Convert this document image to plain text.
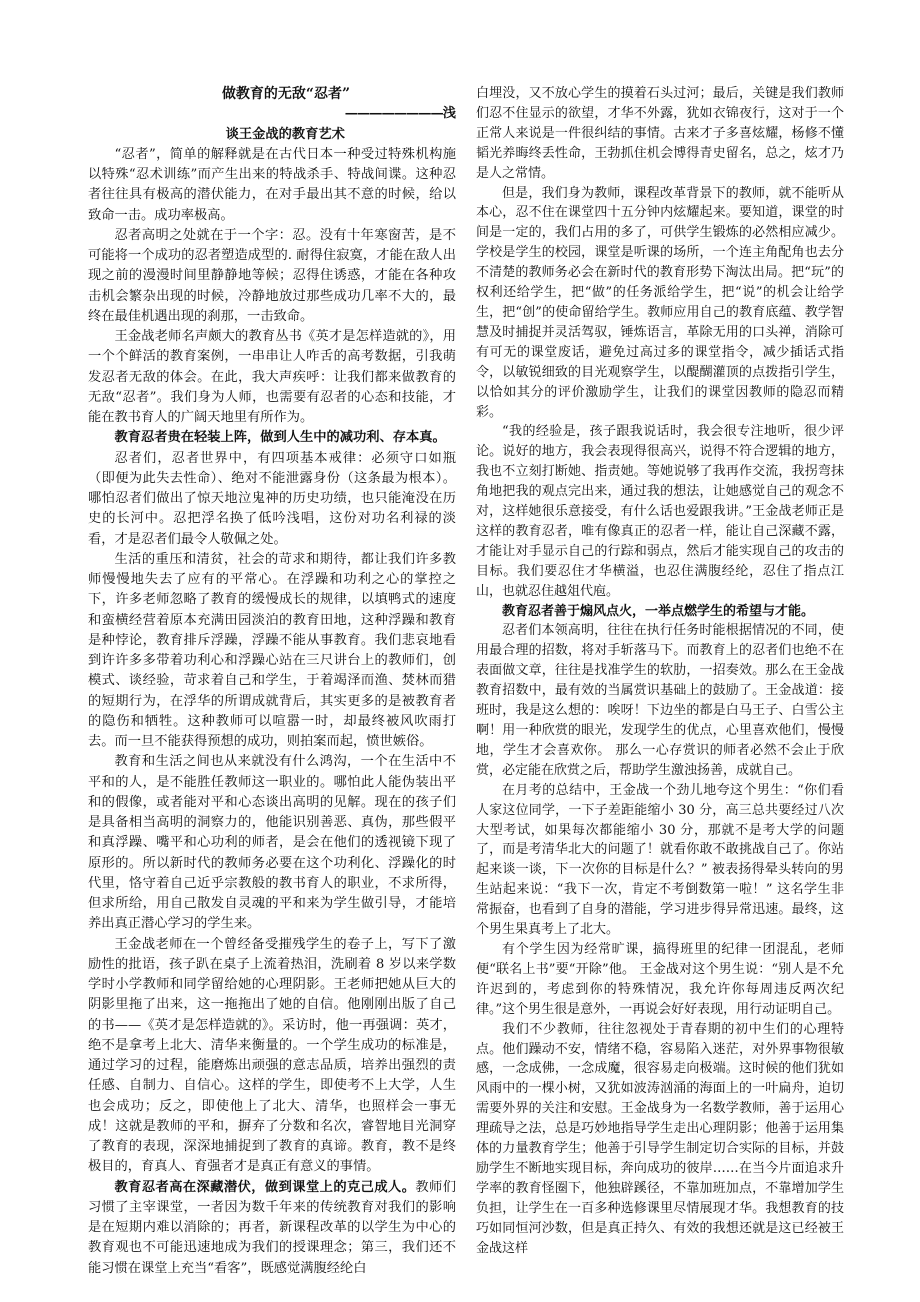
做教育的无敌“忍者”

————————浅

谈王金战的教育艺术

“忍者”，简单的解释就是在古代日本一种受过特殊机构施以特殊“忍术训练”而产生出来的特战杀手、特战间谍。这种忍者往往具有极高的潜伏能力，在对手最出其不意的时候，给以致命一击。成功率极高。

忍者高明之处就在于一个字：忍。没有十年寒窗苦，是不可能将一个成功的忍者塑造成型的. 耐得住寂寞，才能在敌人出现之前的漫漫时间里静静地等候；忍得住诱惑，才能在各种攻击机会繁杂出现的时候，冷静地放过那些成功几率不大的，最终在最佳机遇出现的刹那，一击致命。

王金战老师名声颇大的教育丛书《英才是怎样造就的》，用一个个鲜活的教育案例，一串串让人咋舌的高考数据，引我萌发忍者无敌的体会。在此，我大声疾呼：让我们都来做教育的无敌“忍者”。我们身为人师，也需要有忍者的心态和技能，才能在教书育人的广阔天地里有所作为。

教育忍者贵在轻装上阵，做到人生中的减功利、存本真。

忍者们，忍者世界中，有四项基本戒律：必须守口如瓶（即便为此失去性命）、绝对不能泄露身份（这条最为根本）。哪怕忍者们做出了惊天地泣鬼神的历史功绩，也只能淹没在历史的长河中。忍把浮名换了低吟浅唱，这份对功名利禄的淡看，才是忍者们最令人敬佩之处。

生活的重压和清贫，社会的苛求和期待，都让我们许多教师慢慢地失去了应有的平常心。在浮躁和功利之心的掌控之下，许多老师忽略了教育的缓慢成长的规律，以填鸭式的速度和蛮横经营着原本充满田园淡泊的教育田地，这种浮躁和教育是种悖论，教育排斥浮躁，浮躁不能从事教育。我们悲哀地看到许许多多带着功利心和浮躁心站在三尺讲台上的教师们，创模式、谈经验，苛求着自己和学生，于着竭泽而渔、焚林而猎的短期行为，在浮华的所谓成就背后，其实更多的是被教育者的隐伤和牺牲。这种教师可以喧嚣一时，却最终被风吹雨打去。而一旦不能获得预想的成功，则拍案而起，愤世嫉俗。

教育和生活之间也从来就没有什么鸿沟，一个在生活中不平和的人，是不能胜任教师这一职业的。哪怕此人能伪装出平和的假像，或者能对平和心态谈出高明的见解。现在的孩子们是具备相当高明的洞察力的，他能识别善恶、真伪，那些假平和真浮躁、嘴平和心功利的师者，是会在他们的透视镜下现了原形的。所以新时代的教师务必要在这个功利化、浮躁化的时代里，恪守着自己近乎宗教般的教书育人的职业，不求所得，但求所给，用自己散发自灵魂的平和来为学生做引导，才能培养出真正潜心学习的学生来。

王金战老师在一个曾经备受摧残学生的卷子上，写下了激励性的批语，孩子趴在桌子上流着热泪，洗刷着 8 岁以来学数学时小学教师和同学留给她的心理阴影。王老师把她从巨大的阴影里拖了出来，这一拖拖出了她的自信。他刚刚出版了自己的书——《英才是怎样造就的》。采访时，他一再强调：英才，绝不是拿考上北大、清华来衡量的。一个学生成功的标准是，通过学习的过程，能磨炼出顽强的意志品质，培养出强烈的责任感、自制力、自信心。这样的学生，即使考不上大学，人生也会成功；反之，即使他上了北大、清华，也照样会一事无成！这就是教师的平和，摒弃了分数和名次，睿智地目光洞穿了教育的表现，深深地捕捉到了教育的真谛。教育，教不是终极目的，育真人、育强者才是真正有意义的事情。

教育忍者高在深藏潜伏，做到课堂上的克己成人。教师们习惯了主宰课堂，一者因为数千年来的传统教育对我们的影响是在短期内难以消除的；再者，新课程改革的以学生为中心的教育观也不可能迅速地成为我们的授课理念；第三，我们还不能习惯在课堂上充当“看客”，既感觉满腹经纶白

白埋没，又不放心学生的摸着石头过河；最后，关键是我们教师们忍不住显示的欲望，才华不外露，犹如衣锦夜行，这对于一个正常人来说是一件很纠结的事情。古来才子多喜炫耀，杨修不懂韬光养晦终丢性命，王勃抓住机会博得青史留名，总之，炫才乃是人之常情。

但是，我们身为教师，课程改革背景下的教师，就不能听从本心，忍不住在课堂四十五分钟内炫耀起来。要知道，课堂的时间是一定的，我们占用的多了，可供学生锻炼的必然相应减少。学校是学生的校园，课堂是听课的场所，一个连主角配角也去分不清楚的教师务必会在新时代的教育形势下淘汰出局。把“玩”的权利还给学生，把“做”的任务派给学生，把“说”的机会让给学生，把“创”的使命留给学生。教师应用自己的教育底蕴、教学智慧及时捕捉并灵活驾驭，锤炼语言，革除无用的口头禅，消除可有可无的课堂废话，避免过高过多的课堂指令，减少插话式指令，以敏锐细致的目光观察学生，以醍醐灌顶的点拨指引学生，以恰如其分的评价激励学生，让我们的课堂因教师的隐忍而精彩。

“我的经验是，孩子跟我说话时，我会很专注地听，很少评论。说好的地方，我会表现得很高兴，说得不符合逻辑的地方，我也不立刻打断她、指责她。等她说够了我再作交流，我拐弯抹角地把我的观点完出来，通过我的想法，让她感觉自己的观念不对，这样她很乐意接受，有什么话也爱跟我讲。”王金战老师正是这样的教育忍者，唯有像真正的忍者一样，能让自己深藏不露，才能让对手显示自己的行踪和弱点，然后才能实现自己的攻击的目标。我们要忍住才华横溢，也忍住满腹经纶，忍住了指点江山，也就忍住越俎代庖。

教育忍者善于煽风点火，一举点燃学生的希望与才能。

忍者们本领高明，往往在执行任务时能根据情况的不同，使用最合理的招数，将对手斩落马下。而教育上的忍者们也绝不在表面做文章，往往是找准学生的软肋，一招奏效。那么在王金战教育招数中，最有效的当属赏识基础上的鼓励了。王金战道：接班时，我是这么想的：唉呀！下边坐的都是白马王子、白雪公主啊！用一种欣赏的眼光，发现学生的优点，心里喜欢他们，慢慢地，学生才会喜欢你。 那么一心存赏识的师者必然不会止于欣赏，必定能在欣赏之后，帮助学生激浊扬善，成就自己。

在月考的总结中，王金战一个劲儿地夸这个男生：“你们看人家这位同学，一下子差距能缩小 30 分，高三总共要经过八次大型考试，如果每次都能缩小 30 分，那就不是考大学的问题了，而是考清华北大的问题了！就看你敢不敢挑战自己了。你站起来谈一谈，下一次你的目标是什么？” 被表扬得晕头转向的男生站起来说：“我下一次，肯定不考倒数第一啦！” 这名学生非常振奋，也看到了自身的潜能，学习进步得异常迅速。最终，这个男生果真考上了北大。

有个学生因为经常旷课，搞得班里的纪律一团混乱，老师便“联名上书”要“开除”他。 王金战对这个男生说：“别人是不允许迟到的，考虑到你的特殊情况，我允许你每周违反两次纪律。”这个男生很是意外，一再说会好好表现，用行动证明自己。

我们不少教师，往往忽视处于青春期的初中生们的心理特点。他们躁动不安，情绪不稳，容易陷入迷茫，对外界事物很敏感，一念成佛，一念成魔，很容易走向极端。这时候的他们犹如风雨中的一棵小树，又犹如波涛汹涌的海面上的一叶扁舟，迫切需要外界的关注和安慰。王金战身为一名数学教师，善于运用心理疏导之法，总是巧妙地指导学生走出心理阴影；他善于运用集体的力量教育学生；他善于引导学生制定切合实际的目标，并鼓励学生不断地实现目标，奔向成功的彼岸……在当今片面追求升学率的教育怪圈下，他独辟蹊径，不靠加班加点，不靠增加学生负担，让学生在一百多种选修课里尽情展现才华。我想教育的技巧如同恒河沙数，但是真正持久、有效的我想还就是这已经被王金战这样
